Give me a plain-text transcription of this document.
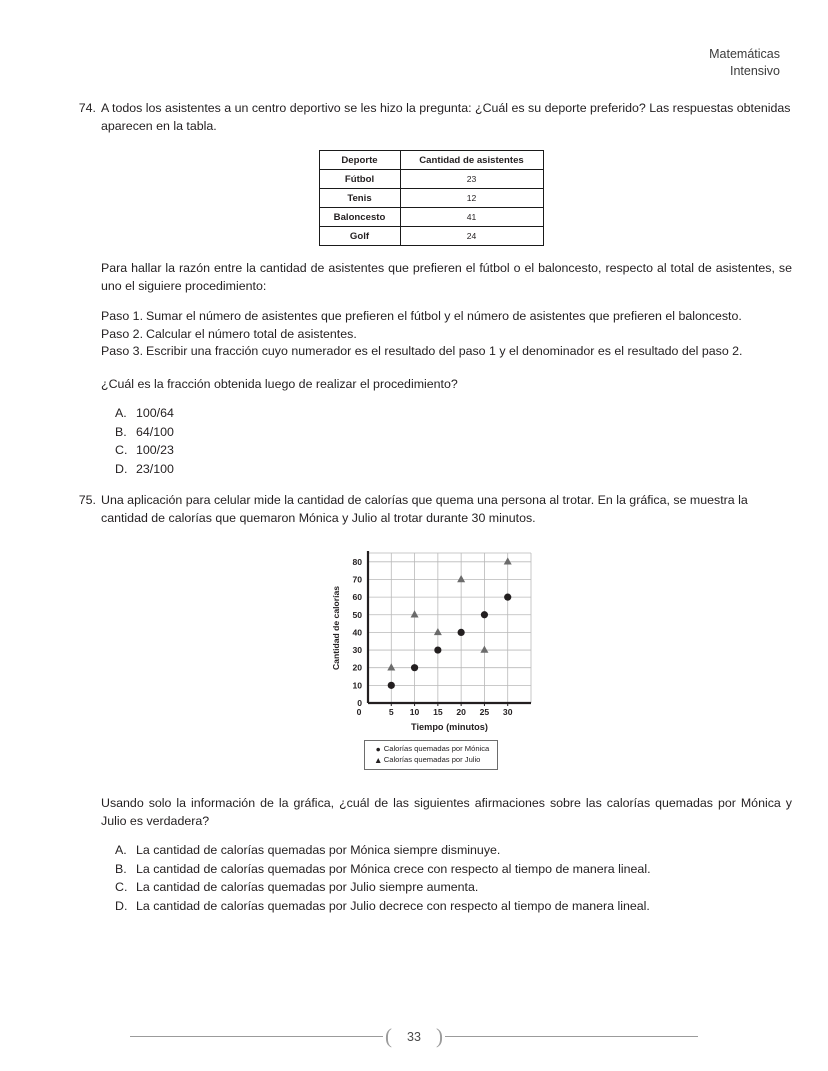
Matemáticas
Intensivo
74. A todos los asistentes a un centro deportivo se les hizo la pregunta: ¿Cuál es su deporte preferido? Las respuestas obtenidas aparecen en la tabla.
Deporte	Cantidad de asistentes
Fútbol	23
Tenis	12
Baloncesto	41
Golf	24
Para hallar la razón entre la cantidad de asistentes que prefieren el fútbol o el baloncesto, respecto al total de asistentes, se uno el siguiere procedimiento:

Paso 1. Sumar el número de asistentes que prefieren el fútbol y el número de asistentes que prefieren el baloncesto.

Paso 2. Calcular el número total de asistentes.

Paso 3. Escribir una fracción cuyo numerador es el resultado del paso 1 y el denominador es el resultado del paso 2.

¿Cuál es la fracción obtenida luego de realizar el procedimiento?
A. 100/64
B. 64/100
C. 100/23
D. 23/100
75. Una aplicación para celular mide la cantidad de calorías que quema una persona al trotar. En la gráfica, se muestra la cantidad de calorías que quemaron Mónica y Julio al trotar durante 30 minutos.
0
10
20
30
40
50
60
70
80
0	5 10 15 20 25 30
Tiempo (minutos)
Cantidad de calorías
● Calorías quemadas por Mónica
▲ Calorías quemadas por Julio
Usando solo la información de la gráfica, ¿cuál de las siguientes afirmaciones sobre las calorías quemadas por Mónica y Julio es verdadera?
A. La cantidad de calorías quemadas por Mónica siempre disminuye.
B. La cantidad de calorías quemadas por Mónica crece con respecto al tiempo de manera lineal.
C. La cantidad de calorías quemadas por Julio siempre aumenta.
D. La cantidad de calorías quemadas por Julio decrece con respecto al tiempo de manera lineal.
(	33 )
